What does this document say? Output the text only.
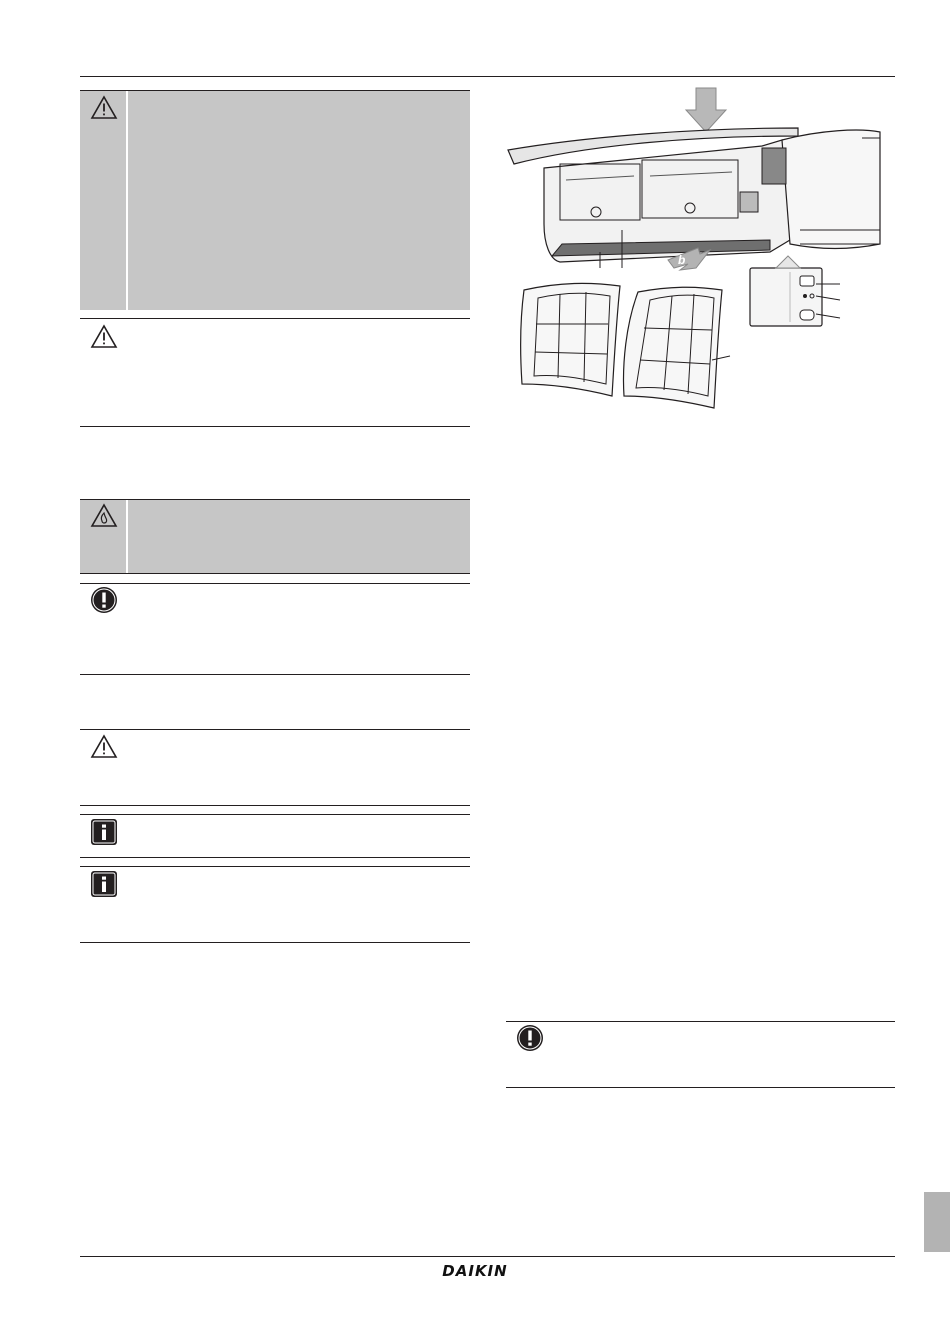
b
DAIKIN
